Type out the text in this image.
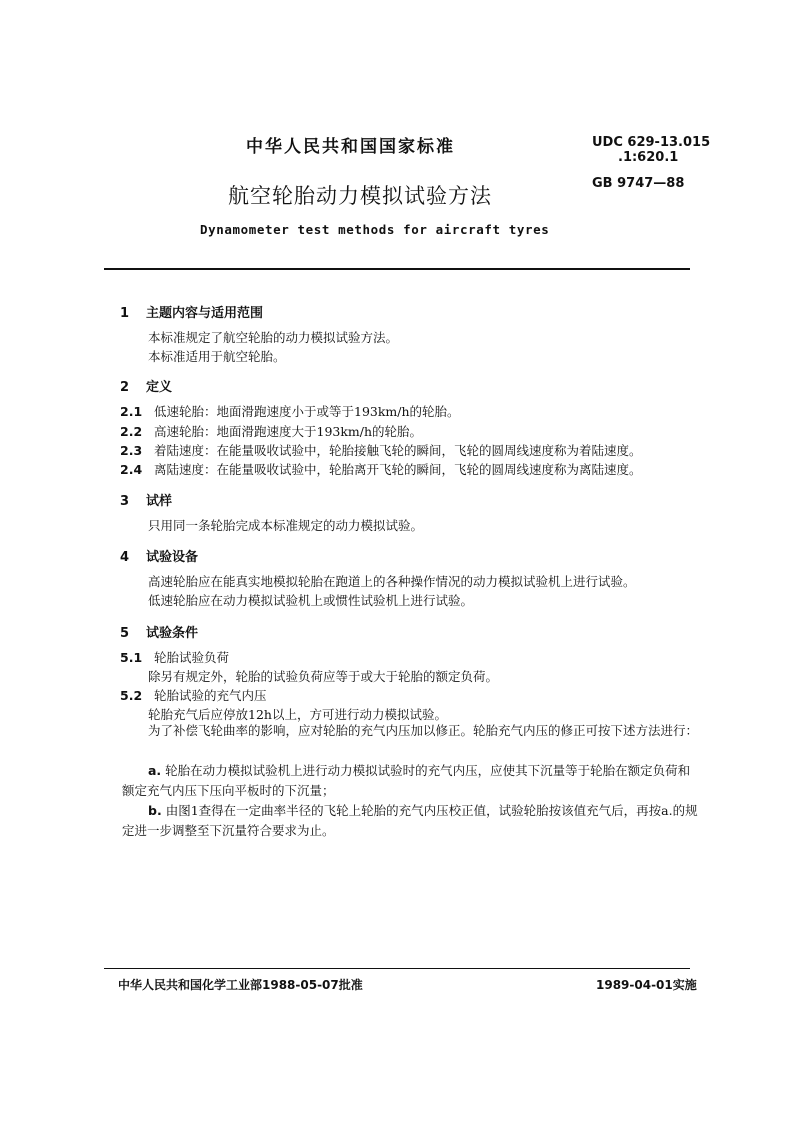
中华人民共和国国家标准	UDC 629-13.015
.1:620.1
GB 9747—88
航空轮胎动力模拟试验方法
Dynamometer test methods for aircraft tyres
1 主题内容与适用范围
本标准规定了航空轮胎的动力模拟试验方法。
本标准适用于航空轮胎。
2 定义
2.1 低速轮胎：地面滑跑速度小于或等于193km/h的轮胎。
2.2 高速轮胎：地面滑跑速度大于193km/h的轮胎。
2.3 着陆速度：在能量吸收试验中，轮胎接触飞轮的瞬间，飞轮的圆周线速度称为着陆速度。
2.4 离陆速度：在能量吸收试验中，轮胎离开飞轮的瞬间，飞轮的圆周线速度称为离陆速度。
3 试样
只用同一条轮胎完成本标准规定的动力模拟试验。
4 试验设备
高速轮胎应在能真实地模拟轮胎在跑道上的各种操作情况的动力模拟试验机上进行试验。
低速轮胎应在动力模拟试验机上或惯性试验机上进行试验。
5 试验条件
5.1 轮胎试验负荷
除另有规定外，轮胎的试验负荷应等于或大于轮胎的额定负荷。
5.2 轮胎试验的充气内压
轮胎充气后应停放12h以上，方可进行动力模拟试验。
为了补偿飞轮曲率的影响，应对轮胎的充气内压加以修正。轮胎充气内压的修正可按下述方法进行：
a. 轮胎在动力模拟试验机上进行动力模拟试验时的充气内压，应使其下沉量等于轮胎在额定负荷和额定充气内压下压向平板时的下沉量；
b. 由图1查得在一定曲率半径的飞轮上轮胎的充气内压校正值，试验轮胎按该值充气后，再按a.的规定进一步调整至下沉量符合要求为止。
中华人民共和国化学工业部1988-05-07批准	1989-04-01实施
